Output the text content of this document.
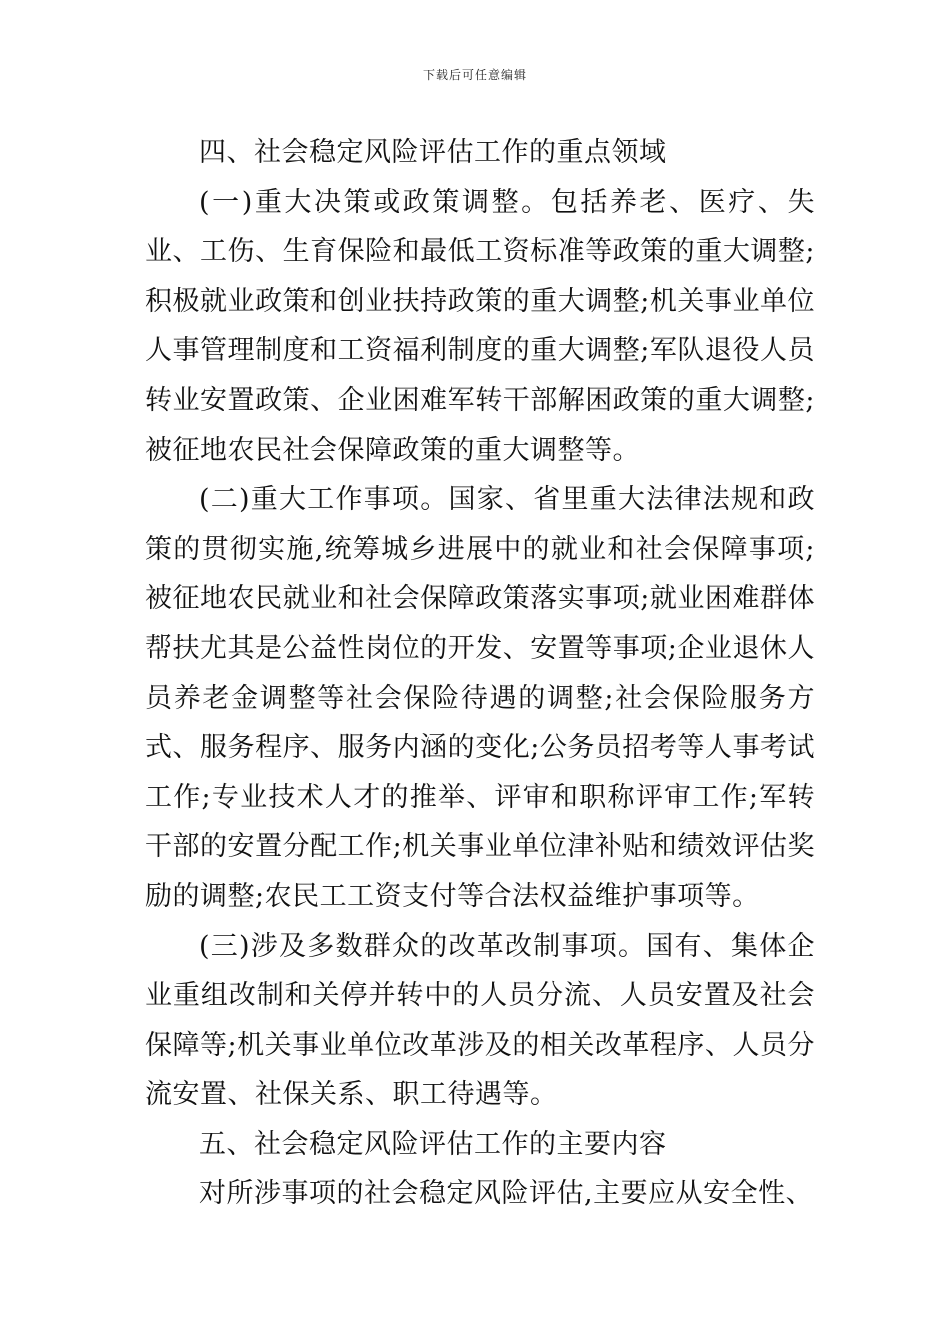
下载后可任意编辑

四、社会稳定风险评估工作的重点领域

(一)重大决策或政策调整。包括养老、医疗、失业、工伤、生育保险和最低工资标准等政策的重大调整;积极就业政策和创业扶持政策的重大调整;机关事业单位人事管理制度和工资福利制度的重大调整;军队退役人员转业安置政策、企业困难军转干部解困政策的重大调整;被征地农民社会保障政策的重大调整等。

(二)重大工作事项。国家、省里重大法律法规和政策的贯彻实施,统筹城乡进展中的就业和社会保障事项;被征地农民就业和社会保障政策落实事项;就业困难群体帮扶尤其是公益性岗位的开发、安置等事项;企业退休人员养老金调整等社会保险待遇的调整;社会保险服务方式、服务程序、服务内涵的变化;公务员招考等人事考试工作;专业技术人才的推举、评审和职称评审工作;军转干部的安置分配工作;机关事业单位津补贴和绩效评估奖励的调整;农民工工资支付等合法权益维护事项等。

(三)涉及多数群众的改革改制事项。国有、集体企业重组改制和关停并转中的人员分流、人员安置及社会保障等;机关事业单位改革涉及的相关改革程序、人员分流安置、社保关系、职工待遇等。

五、社会稳定风险评估工作的主要内容

对所涉事项的社会稳定风险评估,主要应从安全性、
